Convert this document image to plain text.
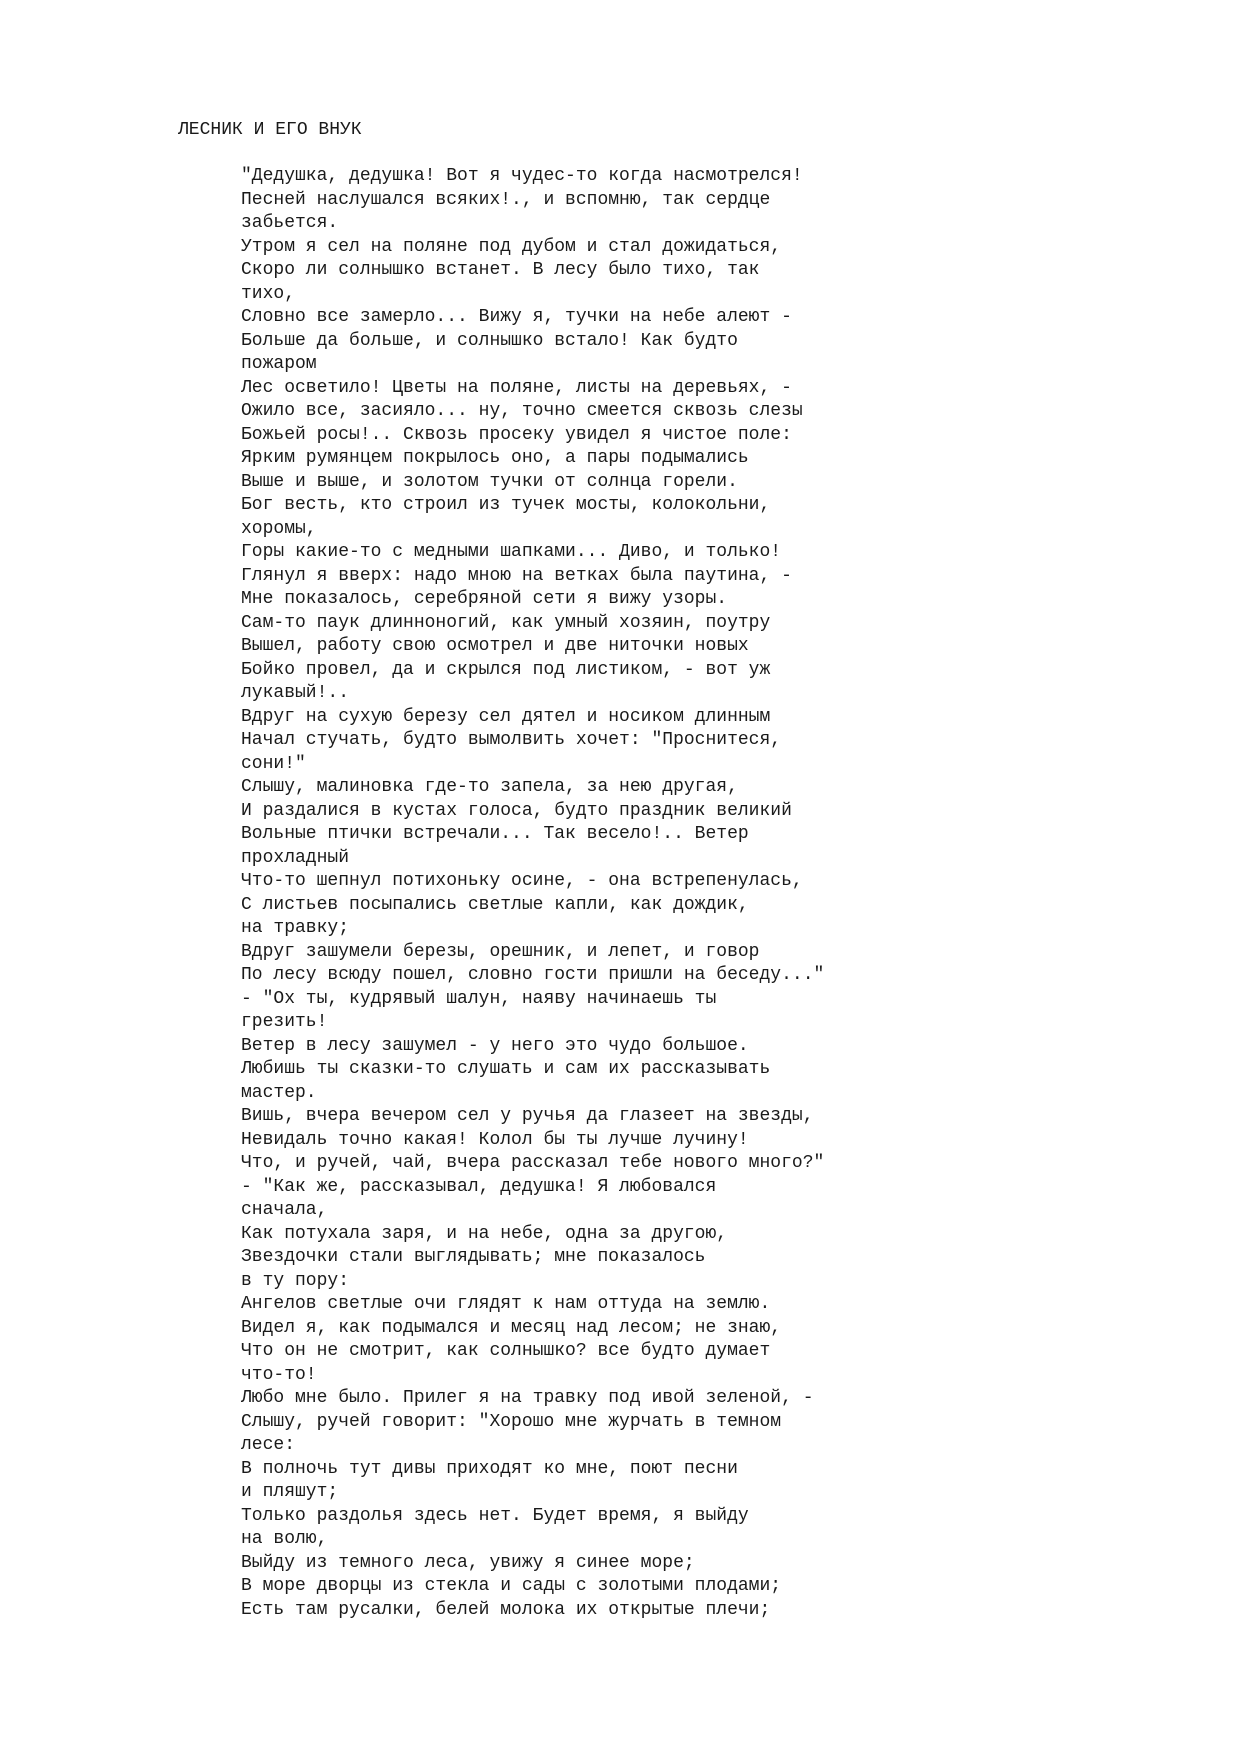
ЛЕСНИК И ЕГО ВНУК
"Дедушка, дедушка! Вот я чудес-то когда насмотрелся!
Песней наслушался всяких!., и вспомню, так сердце
забьется.
Утром я сел на поляне под дубом и стал дожидаться,
Скоро ли солнышко встанет. В лесу было тихо, так
тихо,
Словно все замерло... Вижу я, тучки на небе алеют -
Больше да больше, и солнышко встало! Как будто
пожаром
Лес осветило! Цветы на поляне, листы на деревьях, -
Ожило все, засияло... ну, точно смеется сквозь слезы
Божьей росы!.. Сквозь просеку увидел я чистое поле:
Ярким румянцем покрылось оно, а пары подымались
Выше и выше, и золотом тучки от солнца горели.
Бог весть, кто строил из тучек мосты, колокольни,
хоромы,
Горы какие-то с медными шапками... Диво, и только!
Глянул я вверх: надо мною на ветках была паутина, -
Мне показалось, серебряной сети я вижу узоры.
Сам-то паук длинноногий, как умный хозяин, поутру
Вышел, работу свою осмотрел и две ниточки новых
Бойко провел, да и скрылся под листиком, - вот уж
лукавый!..
Вдруг на сухую березу сел дятел и носиком длинным
Начал стучать, будто вымолвить хочет: "Проснитеся,
сони!"
Слышу, малиновка где-то запела, за нею другая,
И раздалися в кустах голоса, будто праздник великий
Вольные птички встречали... Так весело!.. Ветер
прохладный
Что-то шепнул потихоньку осине, - она встрепенулась,
С листьев посыпались светлые капли, как дождик,
на травку;
Вдруг зашумели березы, орешник, и лепет, и говор
По лесу всюду пошел, словно гости пришли на беседу..."
- "Ох ты, кудрявый шалун, наяву начинаешь ты
грезить!
Ветер в лесу зашумел - у него это чудо большое.
Любишь ты сказки-то слушать и сам их рассказывать
мастер.
Вишь, вчера вечером сел у ручья да глазеет на звезды,
Невидаль точно какая! Колол бы ты лучше лучину!
Что, и ручей, чай, вчера рассказал тебе нового много?"
- "Как же, рассказывал, дедушка! Я любовался
сначала,
Как потухала заря, и на небе, одна за другою,
Звездочки стали выглядывать; мне показалось
в ту пору:
Ангелов светлые очи глядят к нам оттуда на землю.
Видел я, как подымался и месяц над лесом; не знаю,
Что он не смотрит, как солнышко? все будто думает
что-то!
Любо мне было. Прилег я на травку под ивой зеленой, -
Слышу, ручей говорит: "Хорошо мне журчать в темном
лесе:
В полночь тут дивы приходят ко мне, поют песни
и пляшут;
Только раздолья здесь нет. Будет время, я выйду
на волю,
Выйду из темного леса, увижу я синее море;
В море дворцы из стекла и сады с золотыми плодами;
Есть там русалки, белей молока их открытые плечи;
